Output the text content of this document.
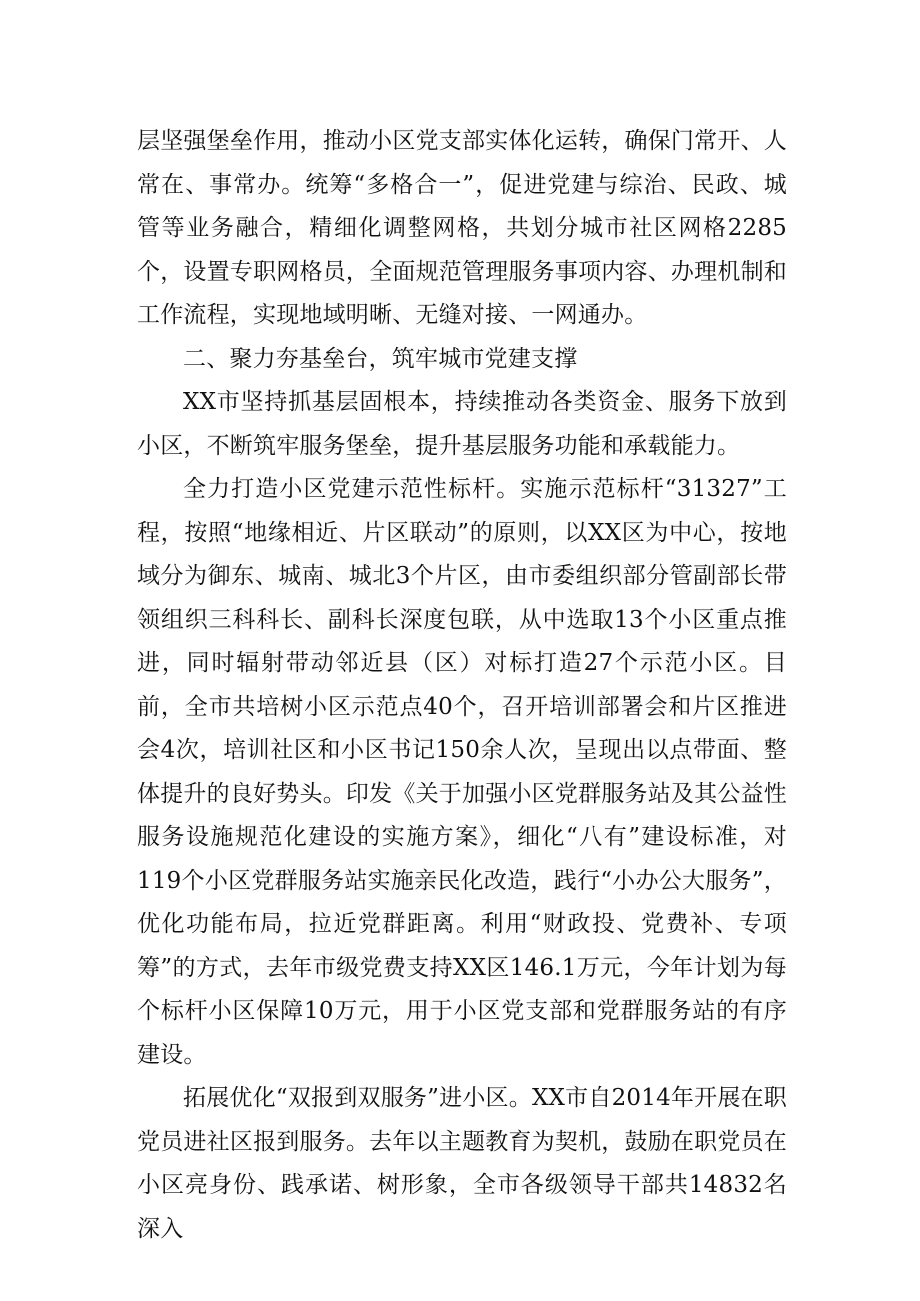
层坚强堡垒作用，推动小区党支部实体化运转，确保门常开、人常在、事常办。统筹“多格合一”，促进党建与综治、民政、城管等业务融合，精细化调整网格，共划分城市社区网格2285个，设置专职网格员，全面规范管理服务事项内容、办理机制和工作流程，实现地域明晰、无缝对接、一网通办。

二、聚力夯基垒台，筑牢城市党建支撑

XX市坚持抓基层固根本，持续推动各类资金、服务下放到小区，不断筑牢服务堡垒，提升基层服务功能和承载能力。

全力打造小区党建示范性标杆。实施示范标杆“31327”工程，按照“地缘相近、片区联动”的原则，以XX区为中心，按地域分为御东、城南、城北3个片区，由市委组织部分管副部长带领组织三科科长、副科长深度包联，从中选取13个小区重点推进，同时辐射带动邻近县（区）对标打造27个示范小区。目前，全市共培树小区示范点40个，召开培训部署会和片区推进会4次，培训社区和小区书记150余人次，呈现出以点带面、整体提升的良好势头。印发《关于加强小区党群服务站及其公益性服务设施规范化建设的实施方案》，细化“八有”建设标准，对119个小区党群服务站实施亲民化改造，践行“小办公大服务”，优化功能布局，拉近党群距离。利用“财政投、党费补、专项筹”的方式，去年市级党费支持XX区146.1万元，今年计划为每个标杆小区保障10万元，用于小区党支部和党群服务站的有序建设。

拓展优化“双报到双服务”进小区。XX市自2014年开展在职党员进社区报到服务。去年以主题教育为契机，鼓励在职党员在小区亮身份、践承诺、树形象，全市各级领导干部共14832名深入
